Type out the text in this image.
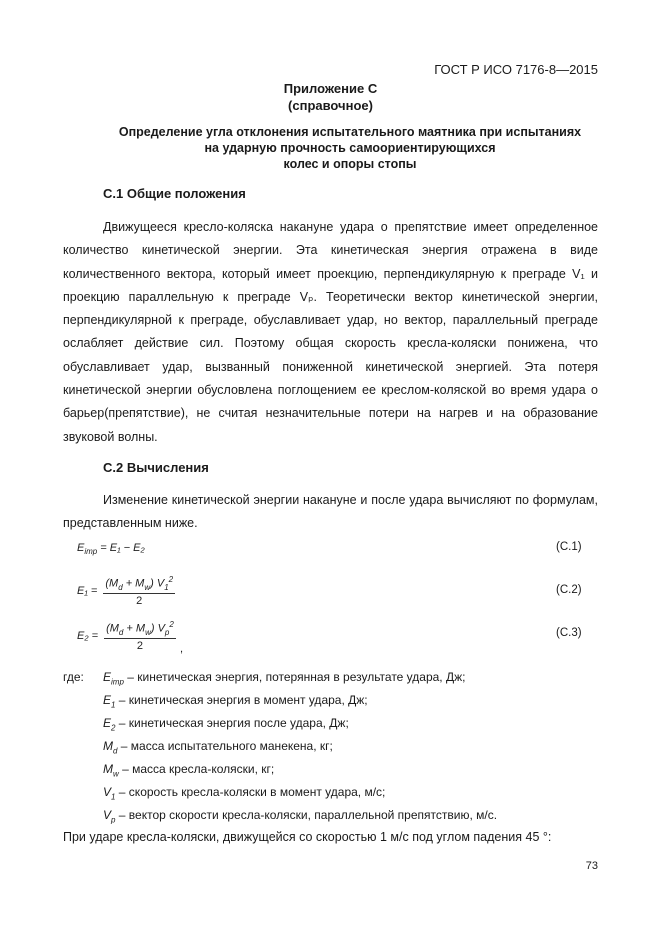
ГОСТ Р ИСО 7176-8—2015
Приложение С
(справочное)
Определение угла отклонения испытательного маятника при испытаниях
на ударную прочность самоориентирующихся
колес и опоры стопы
С.1 Общие положения

Движущееся кресло-коляска накануне удара о препятствие имеет определенное количество кинетической энергии. Эта кинетическая энергия отражена в виде количественного вектора, который имеет проекцию, перпендикулярную к преграде V₁ и проекцию параллельную к преграде Vₚ. Теоретически вектор кинетической энергии, перпендикулярной к преграде, обуславливает удар, но вектор, параллельный преграде ослабляет действие сил. Поэтому общая скорость кресла-коляски понижена, что обуславливает удар, вызванный пониженной кинетической энергией. Эта потеря кинетической энергии обусловлена поглощением ее креслом-коляской во время удара о барьер(препятствие), не считая незначительные потери на нагрев и на образование звуковой волны.

С.2 Вычисления

Изменение кинетической энергии накануне и после удара вычисляют по формулам, представленным ниже.

$E_{imp} = E_1 - E_2$	(С.1)
$E_1 = \frac{(M_d + M_w) V_1^2}{2}$	(С.2)
$E_2 = \frac{(M_d + M_w) V_p^2}{2}$ ,
(С.3)
где: $E_{imp}$ – кинетическая энергия, потерянная в результате удара, Дж;
$E_1$ – кинетическая энергия в момент удара, Дж;
$E_2$ – кинетическая энергия после удара, Дж;
$M_d$ – масса испытательного манекена, кг;
$M_w$ – масса кресла-коляски, кг;
$V_1$ – скорость кресла-коляски в момент удара, м/с;
$V_p$ – вектор скорости кресла-коляски, параллельной препятствию, м/с.
При ударе кресла-коляски, движущейся со скоростью 1 м/с под углом падения 45 °:
73
